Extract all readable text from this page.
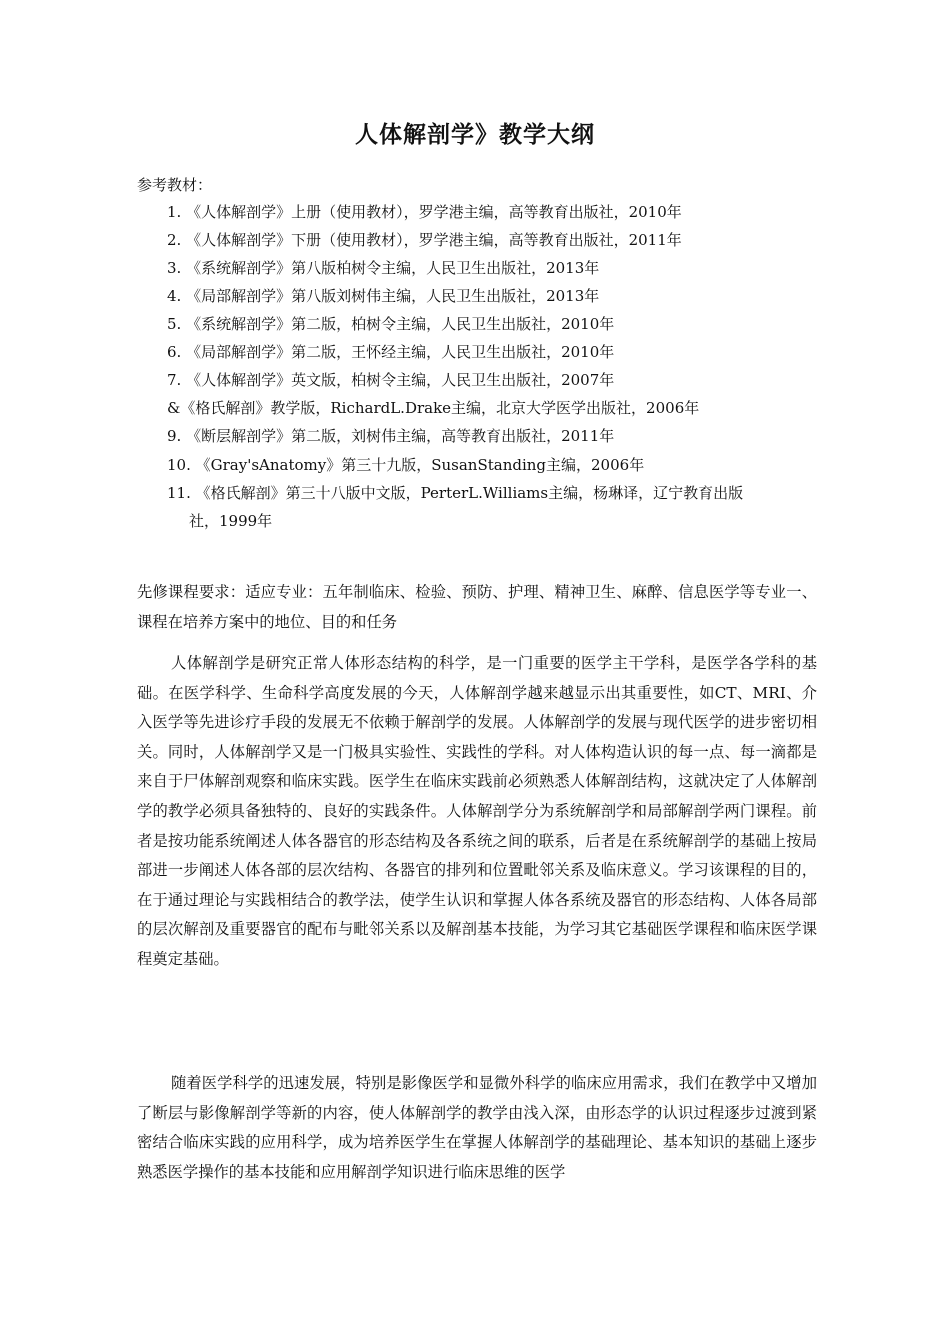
人体解剖学》教学大纲
参考教材：
1. 《人体解剖学》上册（使用教材），罗学港主编，高等教育出版社，2010年
2. 《人体解剖学》下册（使用教材），罗学港主编，高等教育出版社，2011年
3. 《系统解剖学》第八版柏树令主编，人民卫生出版社，2013年
4. 《局部解剖学》第八版刘树伟主编，人民卫生出版社，2013年
5. 《系统解剖学》第二版，柏树令主编，人民卫生出版社，2010年
6. 《局部解剖学》第二版，王怀经主编，人民卫生出版社，2010年
7. 《人体解剖学》英文版，柏树令主编，人民卫生出版社，2007年
&《格氏解剖》教学版，RichardL.Drake主编，北京大学医学出版社，2006年
9. 《断层解剖学》第二版，刘树伟主编，高等教育出版社，2011年
10. 《Gray'sAnatomy》第三十九版，SusanStanding主编，2006年
11. 《格氏解剖》第三十八版中文版，PerterL.Williams主编，杨琳译，辽宁教育出版
社，1999年

先修课程要求：适应专业：五年制临床、检验、预防、护理、精神卫生、麻醉、信息医学等专业一、课程在培养方案中的地位、目的和任务

人体解剖学是研究正常人体形态结构的科学，是一门重要的医学主干学科，是医学各学科的基础。在医学科学、生命科学高度发展的今天，人体解剖学越来越显示出其重要性，如CT、MRI、介入医学等先进诊疗手段的发展无不依赖于解剖学的发展。人体解剖学的发展与现代医学的进步密切相关。同时，人体解剖学又是一门极具实验性、实践性的学科。对人体构造认识的每一点、每一滴都是来自于尸体解剖观察和临床实践。医学生在临床实践前必须熟悉人体解剖结构，这就决定了人体解剖学的教学必须具备独特的、良好的实践条件。人体解剖学分为系统解剖学和局部解剖学两门课程。前者是按功能系统阐述人体各器官的形态结构及各系统之间的联系，后者是在系统解剖学的基础上按局部进一步阐述人体各部的层次结构、各器官的排列和位置毗邻关系及临床意义。学习该课程的目的，在于通过理论与实践相结合的教学法，使学生认识和掌握人体各系统及器官的形态结构、人体各局部的层次解剖及重要器官的配布与毗邻关系以及解剖基本技能，为学习其它基础医学课程和临床医学课程奠定基础。

随着医学科学的迅速发展，特别是影像医学和显微外科学的临床应用需求，我们在教学中又增加了断层与影像解剖学等新的内容，使人体解剖学的教学由浅入深，由形态学的认识过程逐步过渡到紧密结合临床实践的应用科学，成为培养医学生在掌握人体解剖学的基础理论、基本知识的基础上逐步熟悉医学操作的基本技能和应用解剖学知识进行临床思维的医学
